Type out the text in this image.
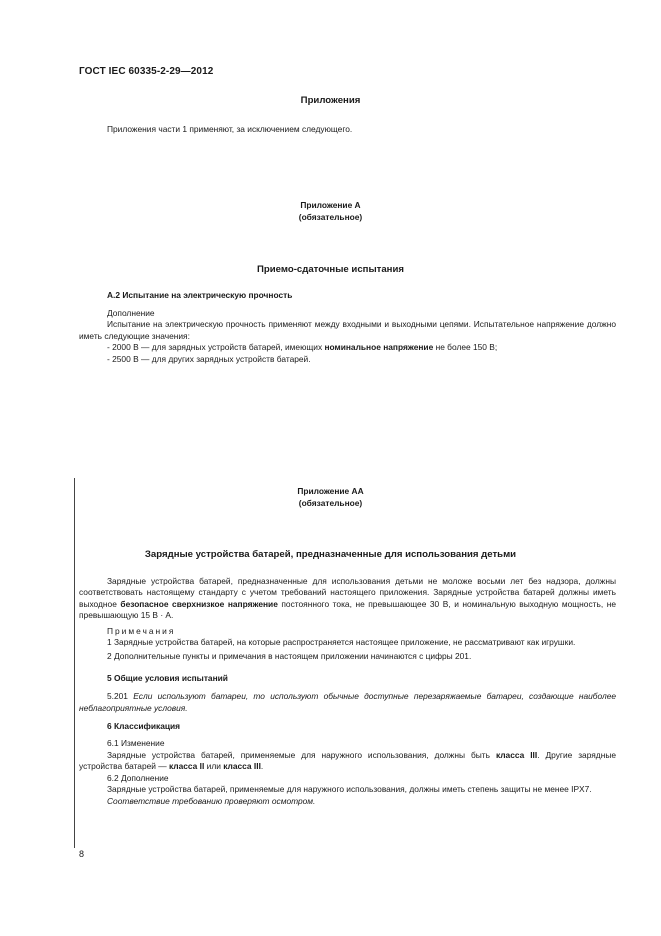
ГОСТ IEC 60335-2-29—2012
Приложения
Приложения части 1 применяют, за исключением следующего.
Приложение А
(обязательное)
Приемо-сдаточные испытания
А.2 Испытание на электрическую прочность

Дополнение

Испытание на электрическую прочность применяют между входными и выходными цепями. Испытательное напряжение должно иметь следующие значения:

- 2000 В — для зарядных устройств батарей, имеющих номинальное напряжение не более 150 В;

- 2500 В — для других зарядных устройств батарей.

Приложение АА
(обязательное)
Зарядные устройства батарей, предназначенные для использования детьми

Зарядные устройства батарей, предназначенные для использования детьми не моложе восьми лет без надзора, должны соответствовать настоящему стандарту с учетом требований настоящего приложения. Зарядные устройства батарей должны иметь выходное безопасное сверхнизкое напряжение постоянного тока, не превышающее 30 В, и номинальную выходную мощность, не превышающую 15 В · А.

Примечания

1 Зарядные устройства батарей, на которые распространяется настоящее приложение, не рассматривают как игрушки.

2 Дополнительные пункты и примечания в настоящем приложении начинаются с цифры 201.

5 Общие условия испытаний

5.201 Если используют батареи, то используют обычные доступные перезаряжаемые батареи, создающие наиболее неблагоприятные условия.

6 Классификация

6.1 Изменение

Зарядные устройства батарей, применяемые для наружного использования, должны быть класса III. Другие зарядные устройства батарей — класса II или класса III.

6.2 Дополнение

Зарядные устройства батарей, применяемые для наружного использования, должны иметь степень защиты не менее IPX7.

Соответствие требованию проверяют осмотром.

8
